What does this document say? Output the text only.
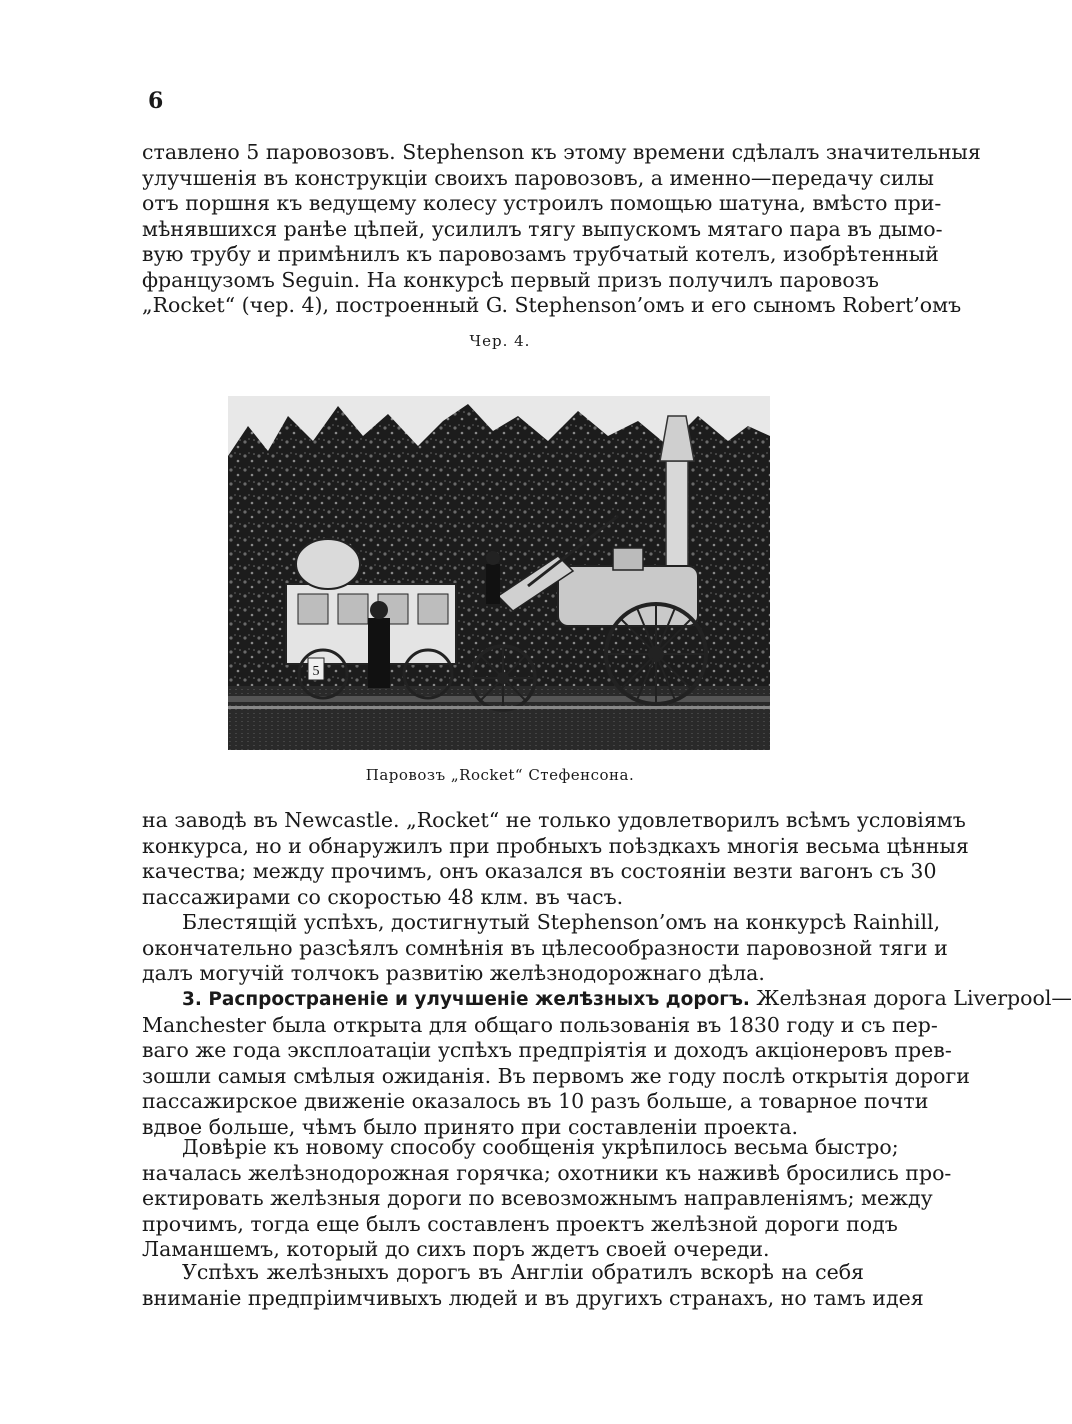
6
ставлено 5 паровозовъ. Stephenson къ этому времени сдѣлалъ значительныя
улучшенія въ конструкціи своихъ паровозовъ, а именно—передачу силы
отъ поршня къ ведущему колесу устроилъ помощью шатуна, вмѣсто при-
мѣнявшихся ранѣе цѣпей, усилилъ тягу выпускомъ мятаго пара въ дымо-
вую трубу и примѣнилъ къ паровозамъ трубчатый котелъ, изобрѣтенный
французомъ Seguin. На конкурсѣ первый призъ получилъ паровозъ
„Rocket“ (чер. 4), построенный G. Stephenson’омъ и его сыномъ Robert’омъ
Чер. 4.
5
Паровозъ „Rocket“ Стефенсона.
на заводѣ въ Newcastle. „Rocket“ не только удовлетворилъ всѣмъ условіямъ
конкурса, но и обнаружилъ при пробныхъ поѣздкахъ многія весьма цѣнныя
качества; между прочимъ, онъ оказался въ состояніи везти вагонъ съ 30
пассажирами со скоростью 48 клм. въ часъ.
Блестящій успѣхъ, достигнутый Stephenson’омъ на конкурсѣ Rainhill,
окончательно разсѣялъ сомнѣнія въ цѣлесообразности паровозной тяги и
далъ могучій толчокъ развитію желѣзнодорожнаго дѣла.
3. Распространеніе и улучшеніе желѣзныхъ дорогъ. Желѣзная дорога Liverpool—
Manchester была открыта для общаго пользованія въ 1830 году и съ пер-
ваго же года эксплоатаціи успѣхъ предпріятія и доходъ акціонеровъ прев-
зошли самыя смѣлыя ожиданія. Въ первомъ же году послѣ открытія дороги
пассажирское движеніе оказалось въ 10 разъ больше, а товарное почти
вдвое больше, чѣмъ было принято при составленіи проекта.
Довѣріе къ новому способу сообщенія укрѣпилось весьма быстро;
началась желѣзнодорожная горячка; охотники къ наживѣ бросились про-
ектировать желѣзныя дороги по всевозможнымъ направленіямъ; между
прочимъ, тогда еще былъ составленъ проектъ желѣзной дороги подъ
Ламаншемъ, который до сихъ поръ ждетъ своей очереди.
Успѣхъ желѣзныхъ дорогъ въ Англіи обратилъ вскорѣ на себя
вниманіе предпріимчивыхъ людей и въ другихъ странахъ, но тамъ идея
